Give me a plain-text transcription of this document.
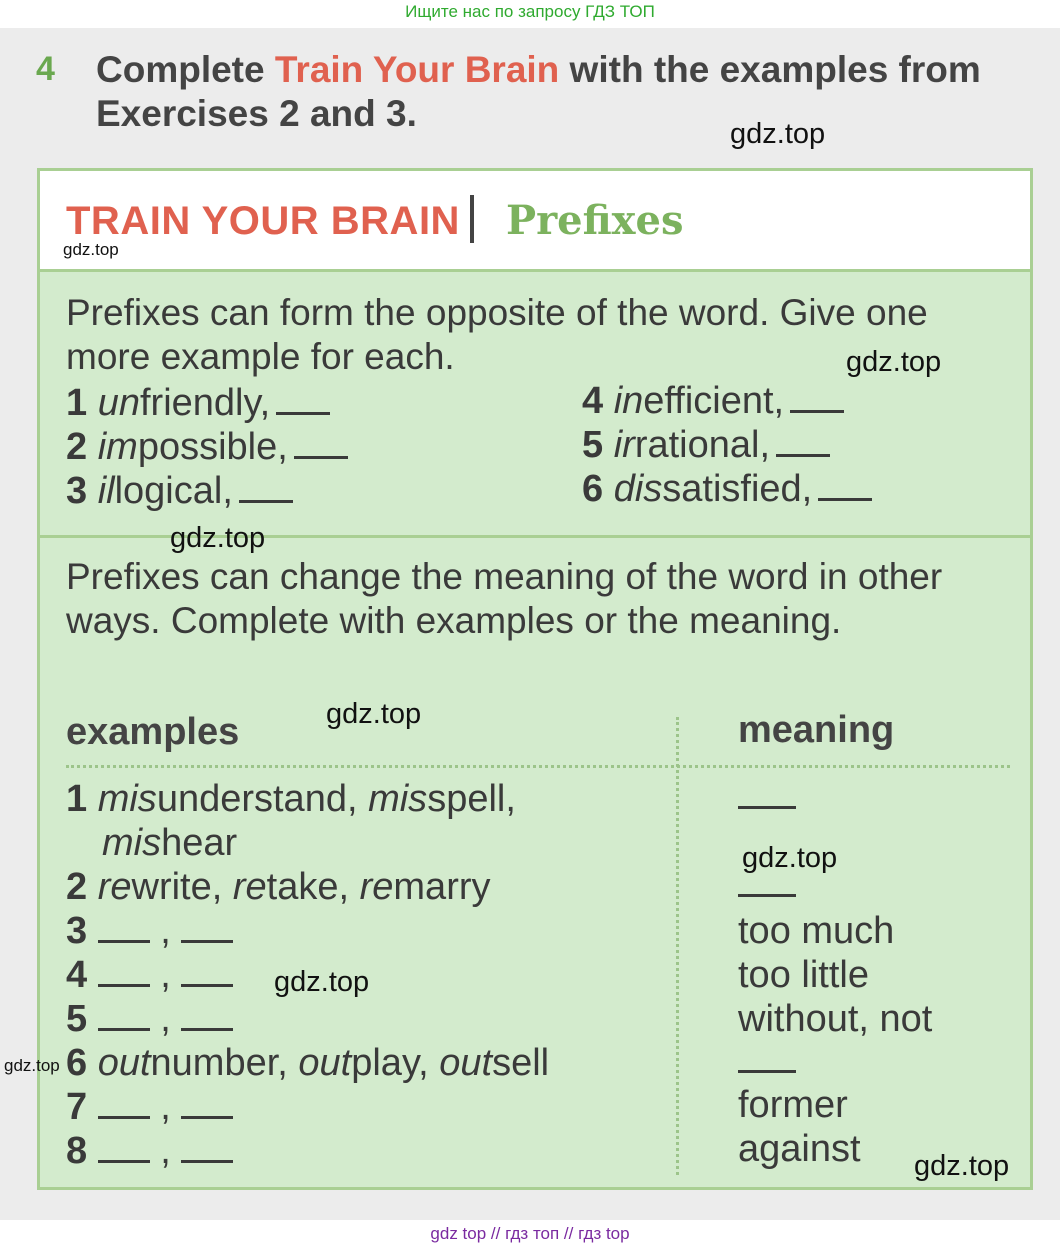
Ищите нас по запросу ГДЗ ТОП
4 Complete Train Your Brain with the examples from Exercises 2 and 3.
TRAIN YOUR BRAIN Prefixes
Prefixes can form the opposite of the word. Give one more example for each.
1 unfriendly,
2 impossible,
3 illogical,
4 inefficient,
5 irrational,
6 dissatisfied,
Prefixes can change the meaning of the word in other ways. Complete with examples or the meaning.
examples	meaning
1 misunderstand, misspell,
mishear
2 rewrite, retake, remarry
3 ,
4 ,
5 ,
6 outnumber, outplay, outsell
7 ,
8 ,
too much
too little
without, not
former
against
gdz.top
gdz.top
gdz.top
gdz.top
gdz.top
gdz.top
gdz.top
gdz.top
gdz.top
gdz top // гдз топ // гдз top
